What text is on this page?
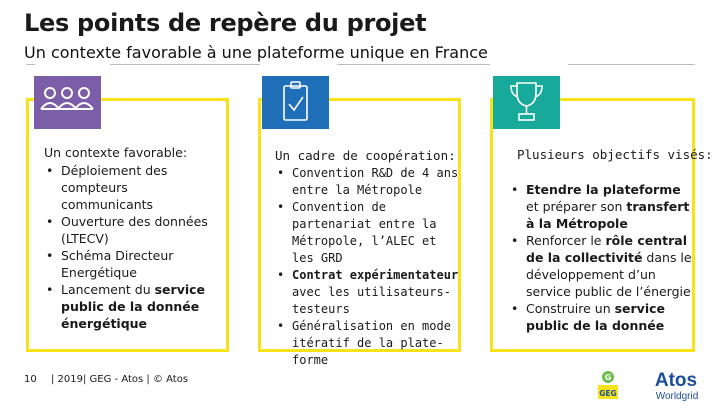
Les points de repère du projet
Un contexte favorable à une plateforme unique en France
Un contexte favorable:
• Déploiement des compteurs communicants
• Ouverture des données (LTECV)
• Schéma Directeur Energétique
• Lancement du service public de la donnée énergétique
Un cadre de coopération:
• Convention R&D de 4 ans entre la Métropole
• Convention de partenariat entre la Métropole, l’ALEC et les GRD
• Contrat expérimentateur avec les utilisateurs-testeurs
• Généralisation en mode itératif de la plate-forme
Plusieurs objectifs visés:
• Etendre la plateforme et préparer son transfert à la Métropole
• Renforcer le rôle central de la collectivité dans le développement d’un service public de l’énergie
• Construire un service public de la donnée
10 | 2019| GEG - Atos | © Atos	G
GEG
Atos
Worldgrid
